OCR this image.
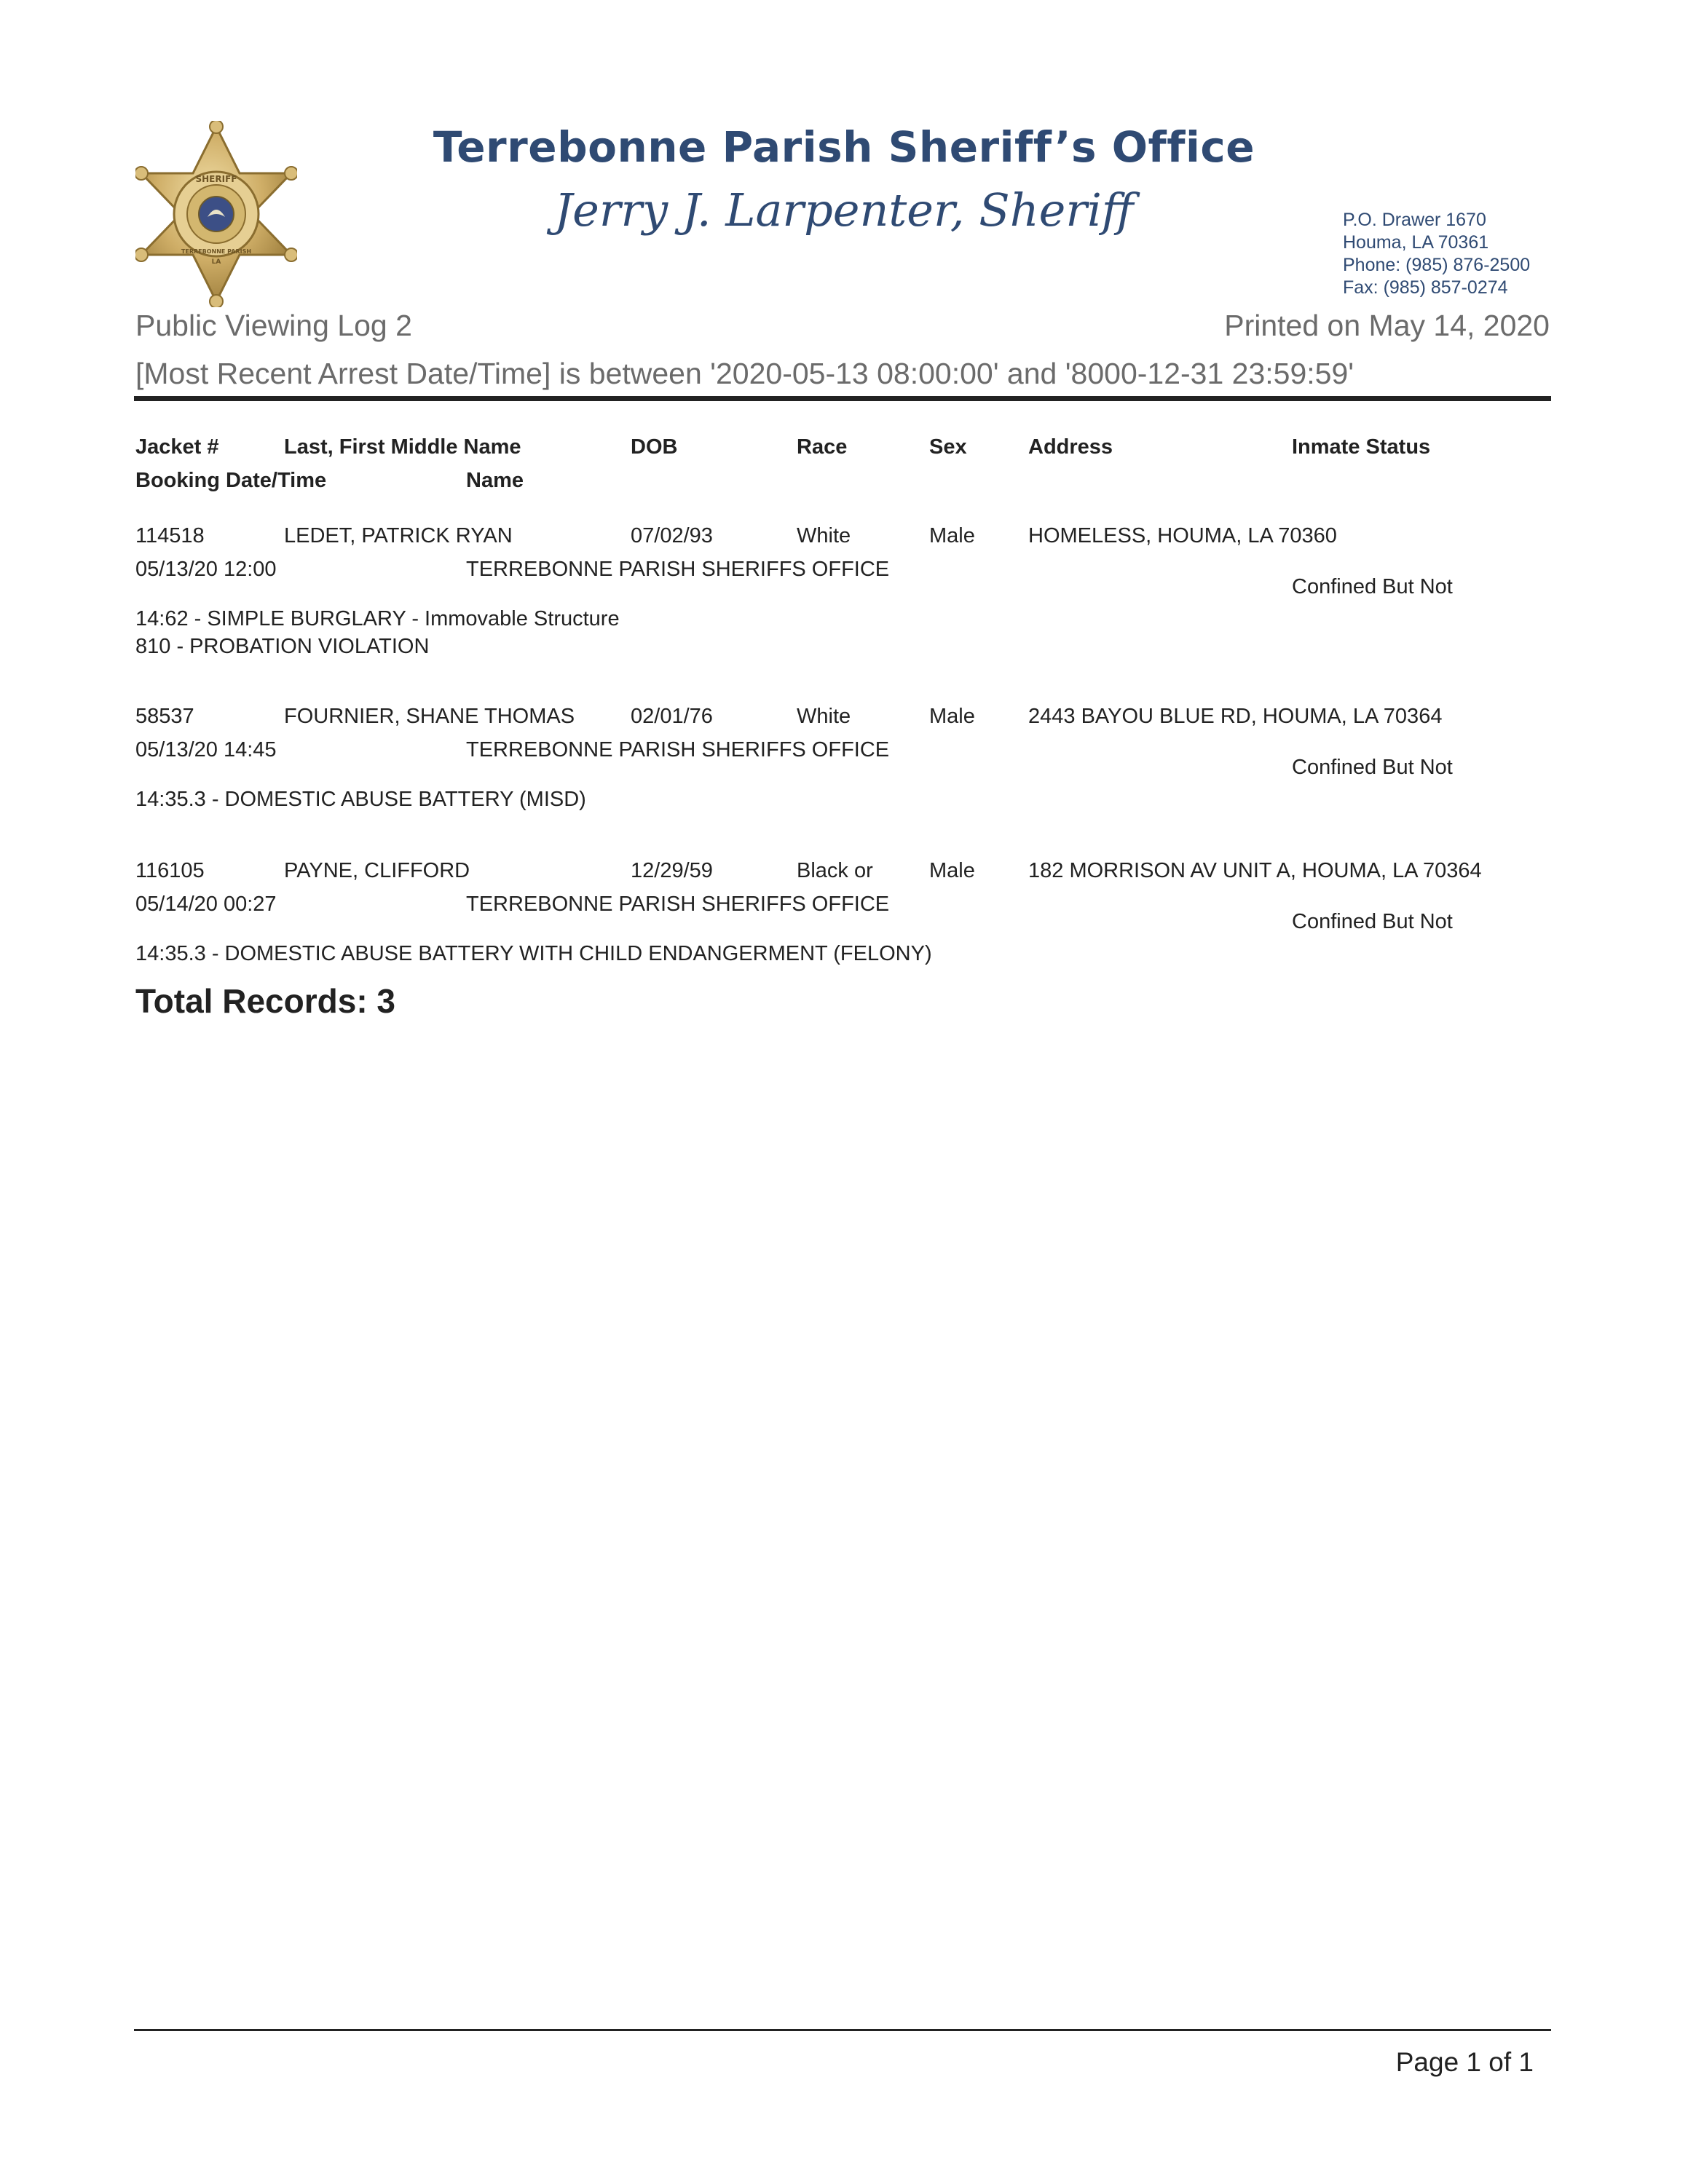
SHERIFF
TERREBONNE PARISH
LA
Terrebonne Parish Sheriff’s Office
Jerry J. Larpenter, Sheriff	P.O. Drawer 1670
Houma, LA 70361
Phone: (985) 876-2500
Fax: (985) 857-0274
Public Viewing Log 2	Printed on May 14, 2020
[Most Recent Arrest Date/Time] is between '2020-05-13 08:00:00' and '8000-12-31 23:59:59'
Jacket #	Last, First Middle Name	DOB	Race	Sex	Address	Inmate Status
Booking Date/Time	Name
114518	LEDET, PATRICK RYAN	07/02/93	White	Male	HOMELESS, HOUMA, LA 70360
05/13/20 12:00	TERREBONNE PARISH SHERIFFS OFFICE
Confined But Not
14:62 - SIMPLE BURGLARY - Immovable Structure
810 - PROBATION VIOLATION
58537	FOURNIER, SHANE THOMAS	02/01/76	White	Male	2443 BAYOU BLUE RD, HOUMA, LA 70364
05/13/20 14:45	TERREBONNE PARISH SHERIFFS OFFICE
Confined But Not
14:35.3 - DOMESTIC ABUSE BATTERY (MISD)
116105	PAYNE, CLIFFORD	12/29/59	Black or	Male	182 MORRISON AV UNIT A, HOUMA, LA 70364
05/14/20 00:27	TERREBONNE PARISH SHERIFFS OFFICE
Confined But Not
14:35.3 - DOMESTIC ABUSE BATTERY WITH CHILD ENDANGERMENT (FELONY)
Total Records: 3
Page 1 of 1
